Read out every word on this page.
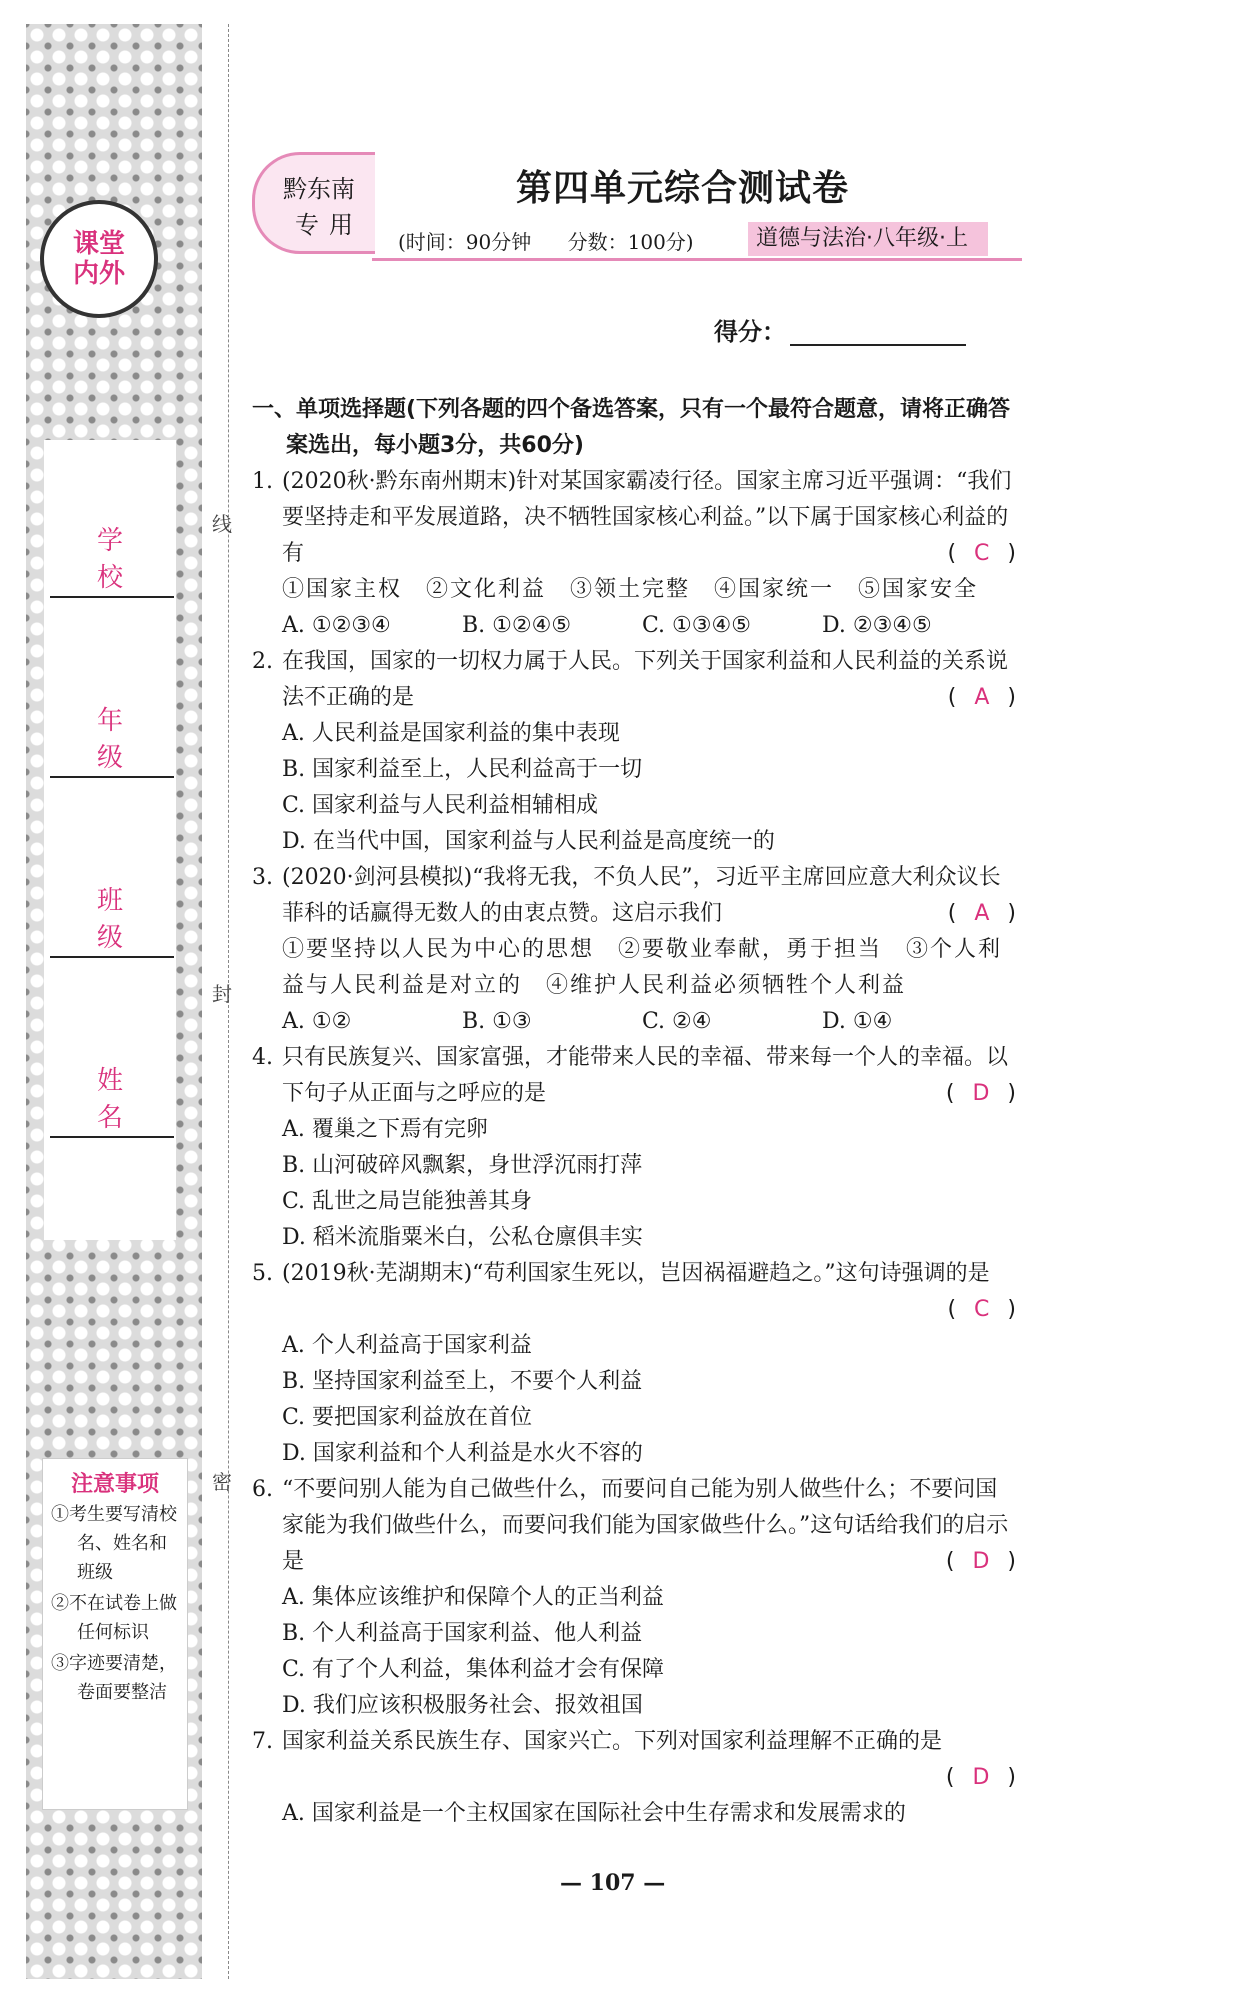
课堂
内外
学校
年级
班级
姓名
注意事项
①考生要写清校名、姓名和班级
②不在试卷上做任何标识
③字迹要清楚，卷面要整洁
线
封
密
黔东南
专用
第四单元综合测试卷
(时间：90分钟 分数：100分)	道德与法治·八年级·上
得分：
一、单项选择题(下列各题的四个备选答案，只有一个最符合题意，请将正确答案选出，每小题3分，共60分)
1. (2020秋·黔东南州期末)针对某国家霸凌行径。国家主席习近平强调：“我们要坚持走和平发展道路，决不牺牲国家核心利益。”以下属于国家核心利益的有	( C )
①国家主权　②文化利益　③领土完整　④国家统一　⑤国家安全
A. ①②③④	B. ①②④⑤	C. ①③④⑤	D. ②③④⑤
2. 在我国，国家的一切权力属于人民。下列关于国家利益和人民利益的关系说法不正确的是	( A )
A. 人民利益是国家利益的集中表现
B. 国家利益至上，人民利益高于一切
C. 国家利益与人民利益相辅相成
D. 在当代中国，国家利益与人民利益是高度统一的
3. (2020·剑河县模拟)“我将无我，不负人民”，习近平主席回应意大利众议长菲科的话赢得无数人的由衷点赞。这启示我们	( A )
①要坚持以人民为中心的思想　②要敬业奉献，勇于担当　③个人利益与人民利益是对立的　④维护人民利益必须牺牲个人利益
A. ①②	B. ①③	C. ②④	D. ①④
4. 只有民族复兴、国家富强，才能带来人民的幸福、带来每一个人的幸福。以下句子从正面与之呼应的是	( D )
A. 覆巢之下焉有完卵
B. 山河破碎风飘絮，身世浮沉雨打萍
C. 乱世之局岂能独善其身
D. 稻米流脂粟米白，公私仓廪俱丰实
5. (2019秋·芜湖期末)“苟利国家生死以，岂因祸福避趋之。”这句诗强调的是
( C )
A. 个人利益高于国家利益
B. 坚持国家利益至上，不要个人利益
C. 要把国家利益放在首位
D. 国家利益和个人利益是水火不容的
6. “不要问别人能为自己做些什么，而要问自己能为别人做些什么；不要问国家能为我们做些什么，而要问我们能为国家做些什么。”这句话给我们的启示是	( D )
A. 集体应该维护和保障个人的正当利益
B. 个人利益高于国家利益、他人利益
C. 有了个人利益，集体利益才会有保障
D. 我们应该积极服务社会、报效祖国
7. 国家利益关系民族生存、国家兴亡。下列对国家利益理解不正确的是
( D )
A. 国家利益是一个主权国家在国际社会中生存需求和发展需求的
— 107 —
